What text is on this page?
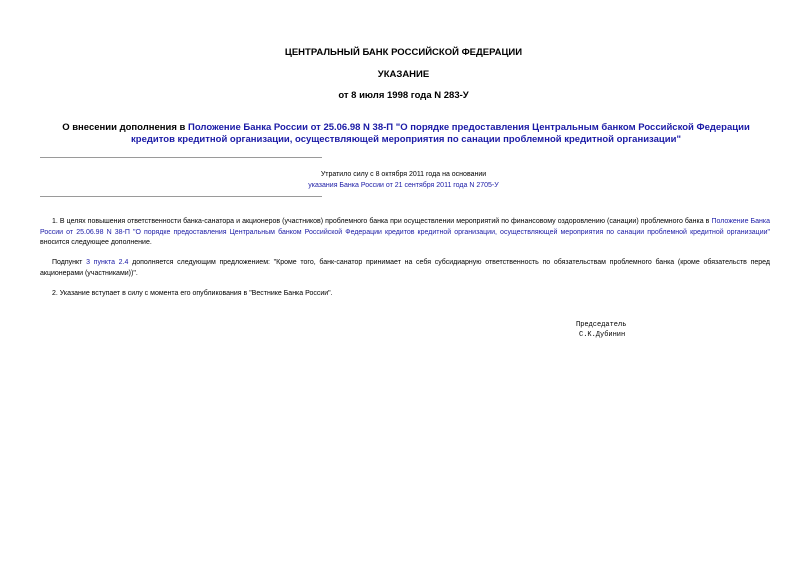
ЦЕНТРАЛЬНЫЙ БАНК РОССИЙСКОЙ ФЕДЕРАЦИИ
УКАЗАНИЕ
от 8 июля 1998 года N 283-У
О внесении дополнения в Положение Банка России от 25.06.98 N 38-П "О порядке предоставления Центральным банком Российской Федерации кредитов кредитной организации, осуществляющей мероприятия по санации проблемной кредитной организации"
Утратило силу с 8 октября 2011 года на основании
указания Банка России от 21 сентября 2011 года N 2705-У
1. В целях повышения ответственности банка-санатора и акционеров (участников) проблемного банка при осуществлении мероприятий по финансовому оздоровлению (санации) проблемного банка в Положение Банка России от 25.06.98 N 38-П "О порядке предоставления Центральным банком Российской Федерации кредитов кредитной организации, осуществляющей мероприятия по санации проблемной кредитной организации" вносится следующее дополнение.
Подпункт 3 пункта 2.4 дополняется следующим предложением: "Кроме того, банк-санатор принимает на себя субсидиарную ответственность по обязательствам проблемного банка (кроме обязательств перед акционерами (участниками))".
2. Указание вступает в силу с момента его опубликования в "Вестнике Банка России".
Председатель
С.К.Дубинин
